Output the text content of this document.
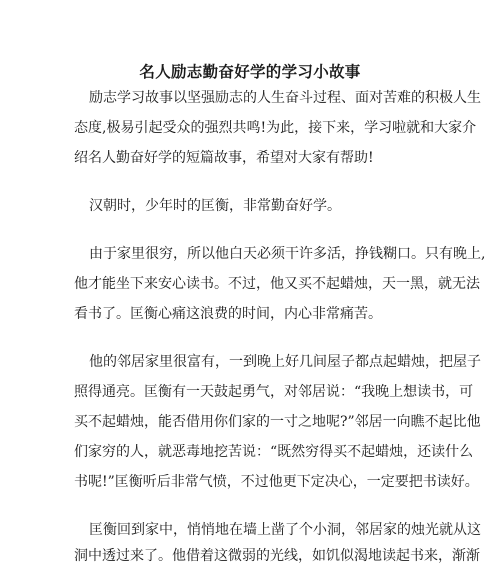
名人励志勤奋好学的学习小故事
励志学习故事以坚强励志的人生奋斗过程、面对苦难的积极人生
态度,极易引起受众的强烈共鸣!为此，接下来，学习啦就和大家介
绍名人勤奋好学的短篇故事，希望对大家有帮助!
汉朝时，少年时的匡衡，非常勤奋好学。
由于家里很穷，所以他白天必须干许多活，挣钱糊口。只有晚上,
他才能坐下来安心读书。不过，他又买不起蜡烛，天一黑，就无法
看书了。匡衡心痛这浪费的时间，内心非常痛苦。
他的邻居家里很富有，一到晚上好几间屋子都点起蜡烛，把屋子
照得通亮。匡衡有一天鼓起勇气，对邻居说：“我晚上想读书，可
买不起蜡烛，能否借用你们家的一寸之地呢?”邻居一向瞧不起比他
们家穷的人，就恶毒地挖苦说：“既然穷得买不起蜡烛，还读什么
书呢!”匡衡听后非常气愤，不过他更下定决心，一定要把书读好。
匡衡回到家中，悄悄地在墙上凿了个小洞，邻居家的烛光就从这
洞中透过来了。他借着这微弱的光线，如饥似渴地读起书来，渐渐
